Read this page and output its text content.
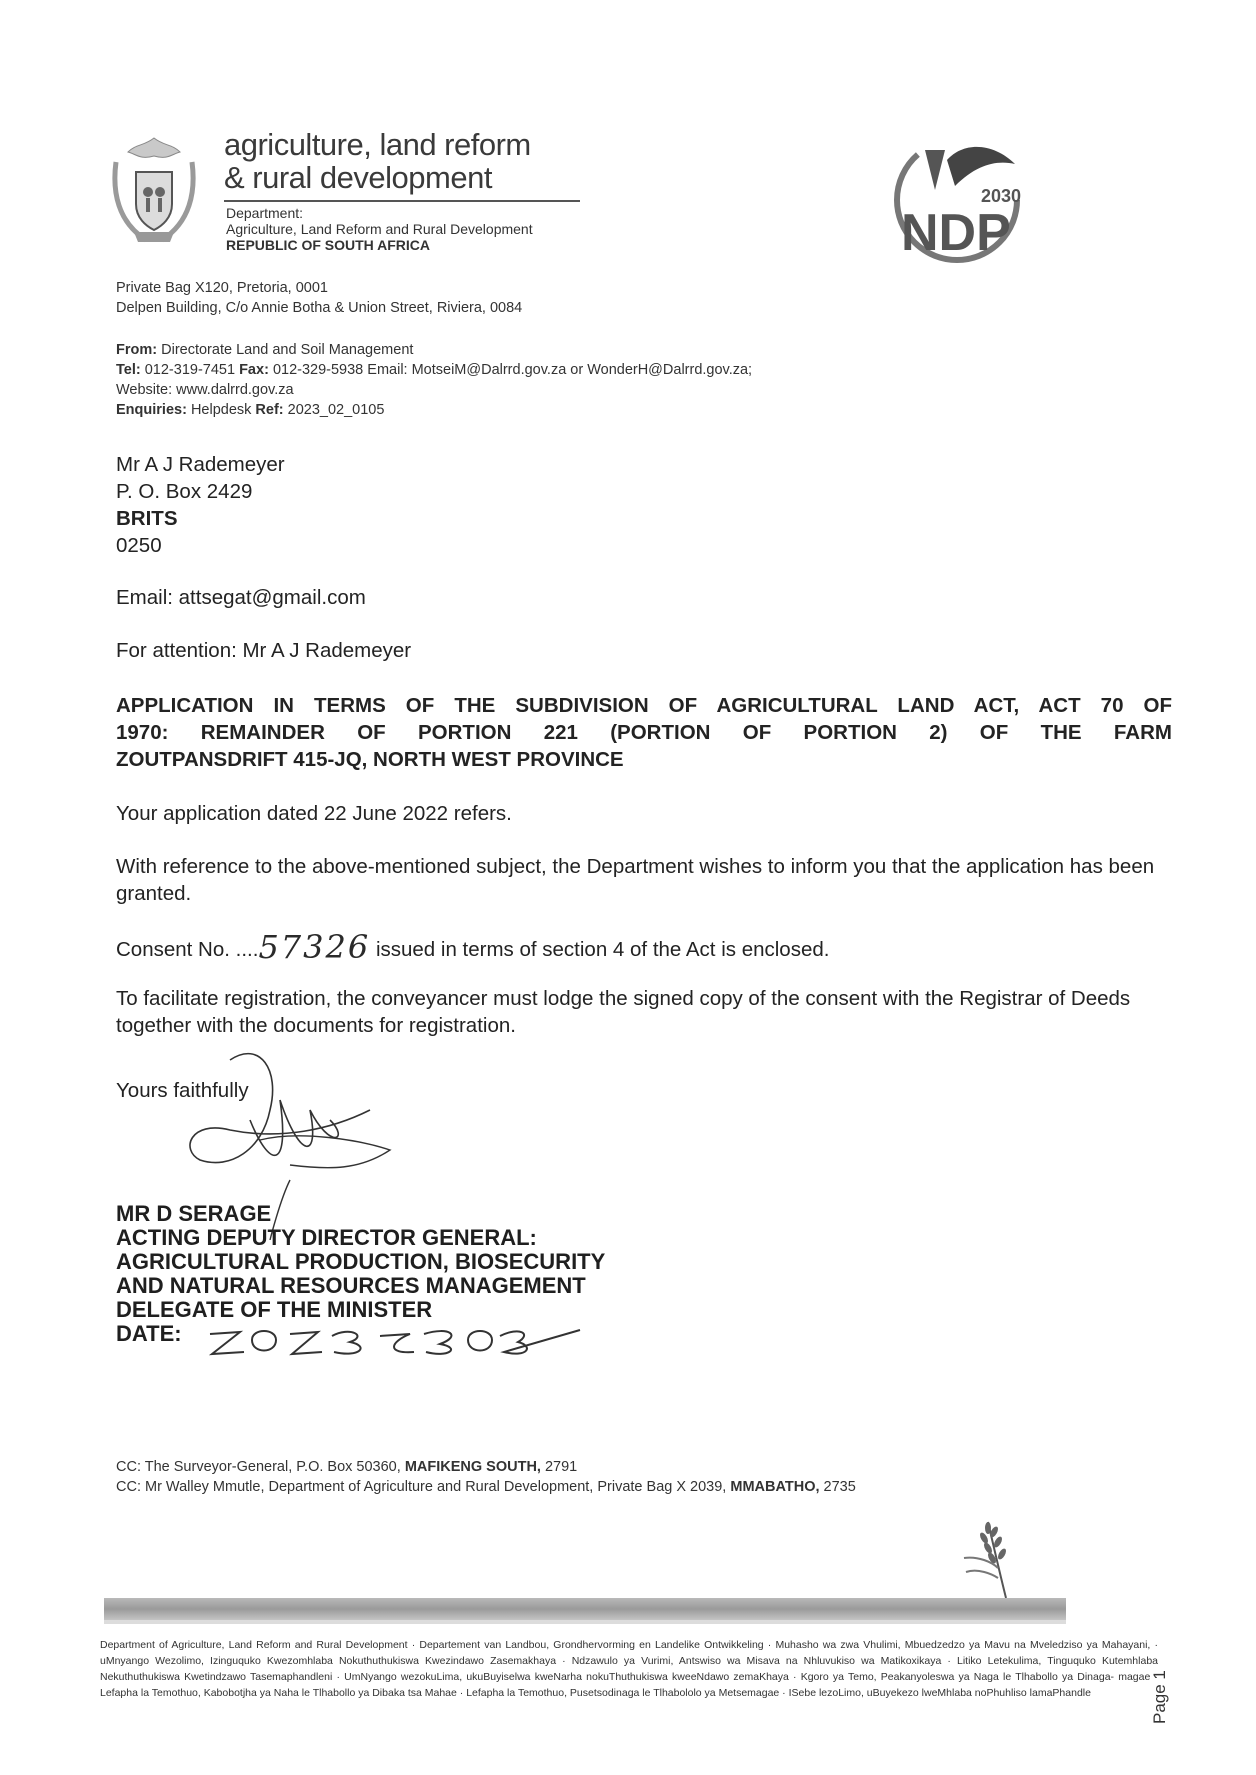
agriculture, land reform
& rural development
Department:
Agriculture, Land Reform and Rural Development
REPUBLIC OF SOUTH AFRICA
2030
NDP
Private Bag X120, Pretoria, 0001
Delpen Building, C/o Annie Botha & Union Street, Riviera, 0084
From: Directorate Land and Soil Management
Tel: 012-319-7451 Fax: 012-329-5938 Email: MotseiM@Dalrrd.gov.za or WonderH@Dalrrd.gov.za;
Website: www.dalrrd.gov.za
Enquiries: Helpdesk Ref: 2023_02_0105
Mr A J Rademeyer
P. O. Box 2429
BRITS
0250
Email: attsegat@gmail.com
For attention: Mr A J Rademeyer
APPLICATION IN TERMS OF THE SUBDIVISION OF AGRICULTURAL LAND ACT, ACT 70 OF
1970: REMAINDER OF PORTION 221 (PORTION OF PORTION 2) OF THE FARM
ZOUTPANSDRIFT 415-JQ, NORTH WEST PROVINCE
Your application dated 22 June 2022 refers.
With reference to the above-mentioned subject, the Department wishes to inform you that the application has been granted.
Consent No. ....57326 issued in terms of section 4 of the Act is enclosed.
To facilitate registration, the conveyancer must lodge the signed copy of the consent with the Registrar of Deeds together with the documents for registration.
Yours faithfully
MR D SERAGE
ACTING DEPUTY DIRECTOR GENERAL:
AGRICULTURAL PRODUCTION, BIOSECURITY
AND NATURAL RESOURCES MANAGEMENT
DELEGATE OF THE MINISTER
DATE:
CC: The Surveyor-General, P.O. Box 50360, MAFIKENG SOUTH, 2791
CC: Mr Walley Mmutle, Department of Agriculture and Rural Development, Private Bag X 2039, MMABATHO, 2735
Department of Agriculture, Land Reform and Rural Development · Departement van Landbou, Grondhervorming en Landelike Ontwikkeling · Muhasho wa zwa Vhulimi, Mbuedzedzo ya Mavu na Mveledziso ya Mahayani, · uMnyango Wezolimo, Izinguquko Kwezomhlaba Nokuthuthukiswa Kwezindawo Zasemakhaya · Ndzawulo ya Vurimi, Antswiso wa Misava na Nhluvukiso wa Matikoxikaya · Litiko Letekulima, Tinguquko Kutemhlaba Nekuthuthukiswa Kwetindzawo Tasemaphandleni · UmNyango wezokuLima, ukuBuyiselwa kweNarha nokuThuthukiswa kweeNdawo zemaKhaya · Kgoro ya Temo, Peakanyoleswa ya Naga le Tlhabollo ya Dinaga- magae · Lefapha la Temothuo, Kabobotjha ya Naha le Tlhabollo ya Dibaka tsa Mahae · Lefapha la Temothuo, Pusetsodinaga le Tlhabololo ya Metsemagae · ISebe lezoLimo, uBuyekezo lweMhlaba noPhuhliso lamaPhandle	Page 1
